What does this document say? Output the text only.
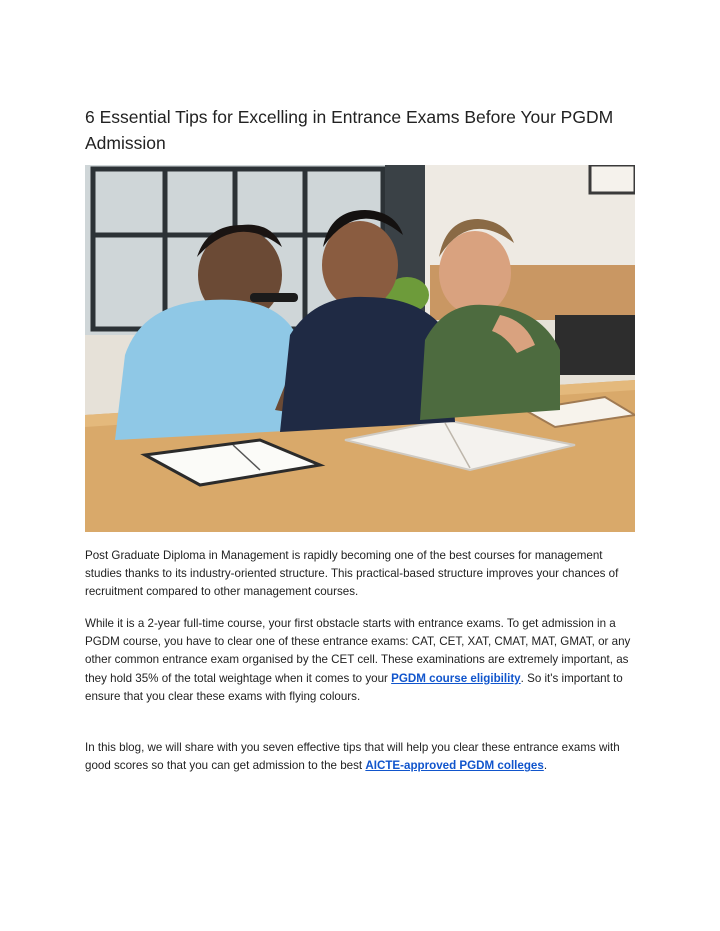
6 Essential Tips for Excelling in Entrance Exams Before Your PGDM Admission

Post Graduate Diploma in Management is rapidly becoming one of the best courses for management studies thanks to its industry-oriented structure. This practical-based structure improves your chances of recruitment compared to other management courses.

While it is a 2-year full-time course, your first obstacle starts with entrance exams. To get admission in a PGDM course, you have to clear one of these entrance exams: CAT, CET, XAT, CMAT, MAT, GMAT, or any other common entrance exam organised by the CET cell. These examinations are extremely important, as they hold 35% of the total weightage when it comes to your PGDM course eligibility. So it's important to ensure that you clear these exams with flying colours.

In this blog, we will share with you seven effective tips that will help you clear these entrance exams with good scores so that you can get admission to the best AICTE-approved PGDM colleges.
